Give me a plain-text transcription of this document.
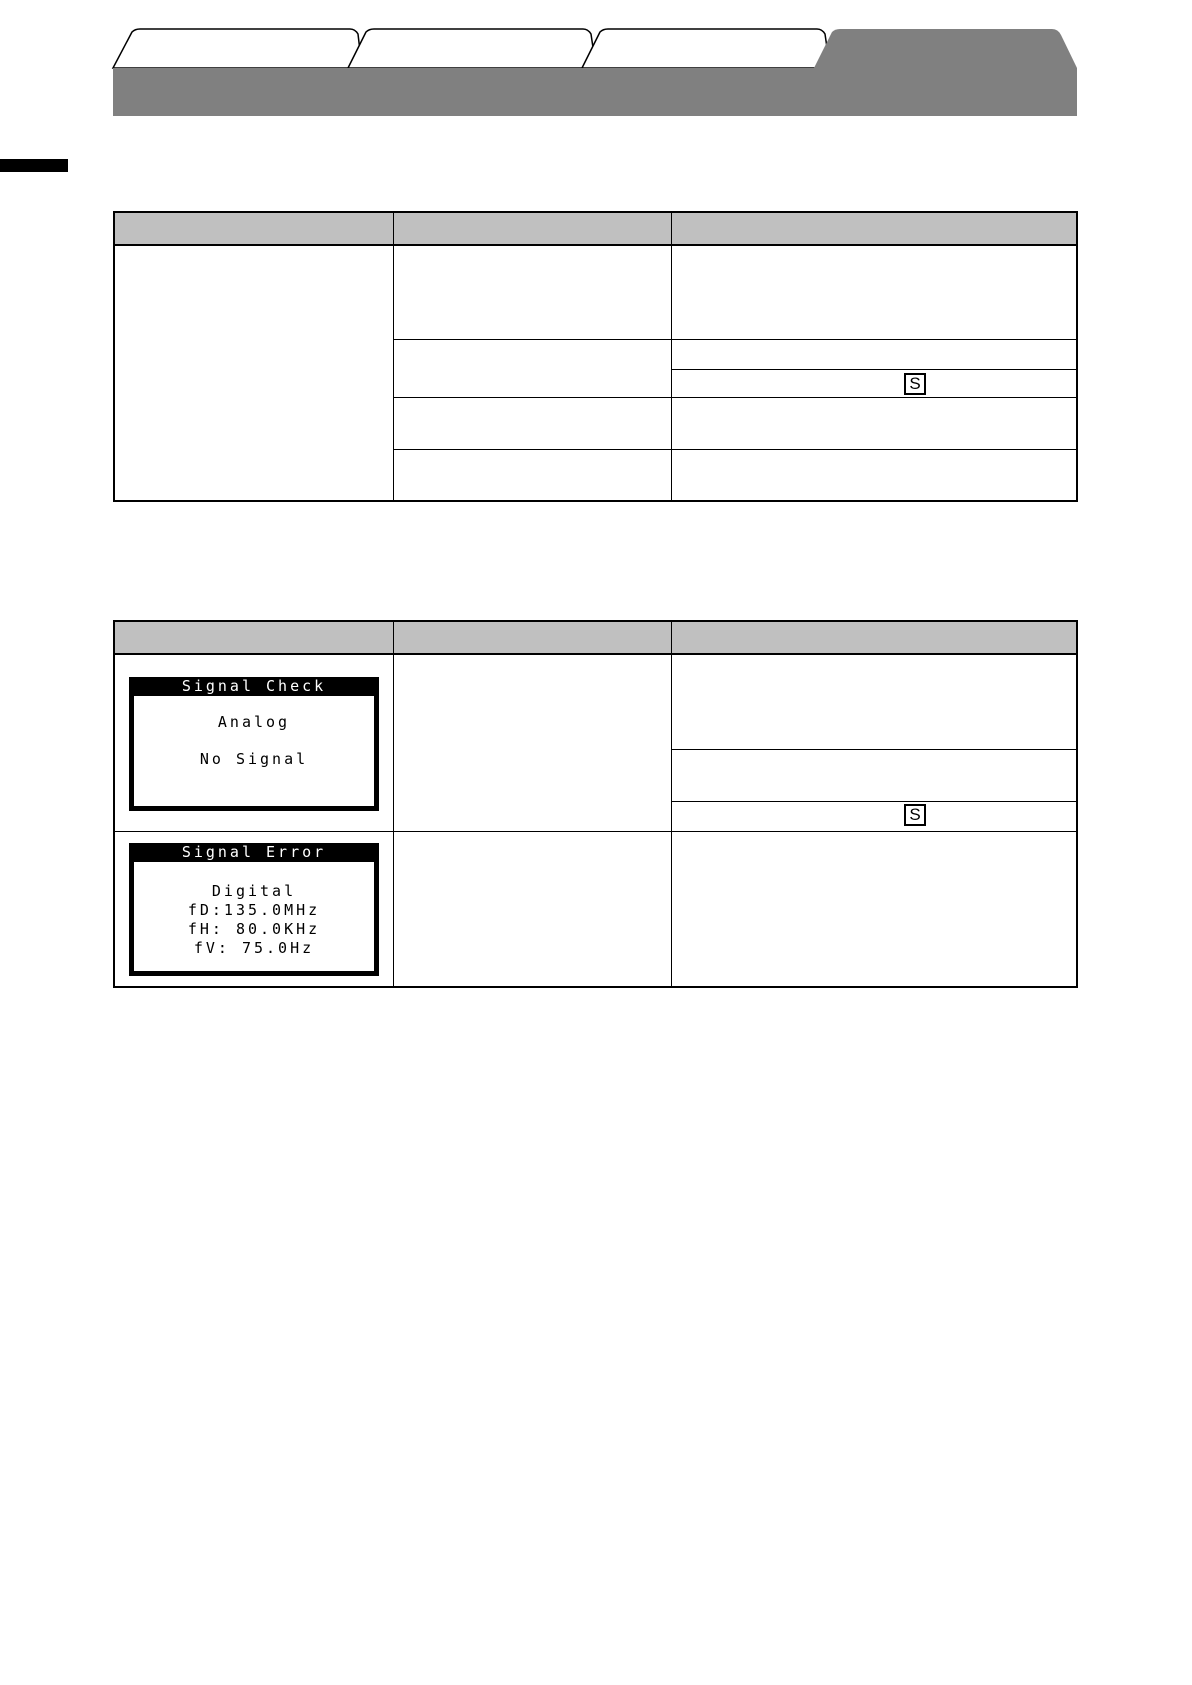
S
S
Signal Check
Analog
No Signal
Signal Error
Digital
fD:135.0MHz
fH: 80.0KHz
fV: 75.0Hz
